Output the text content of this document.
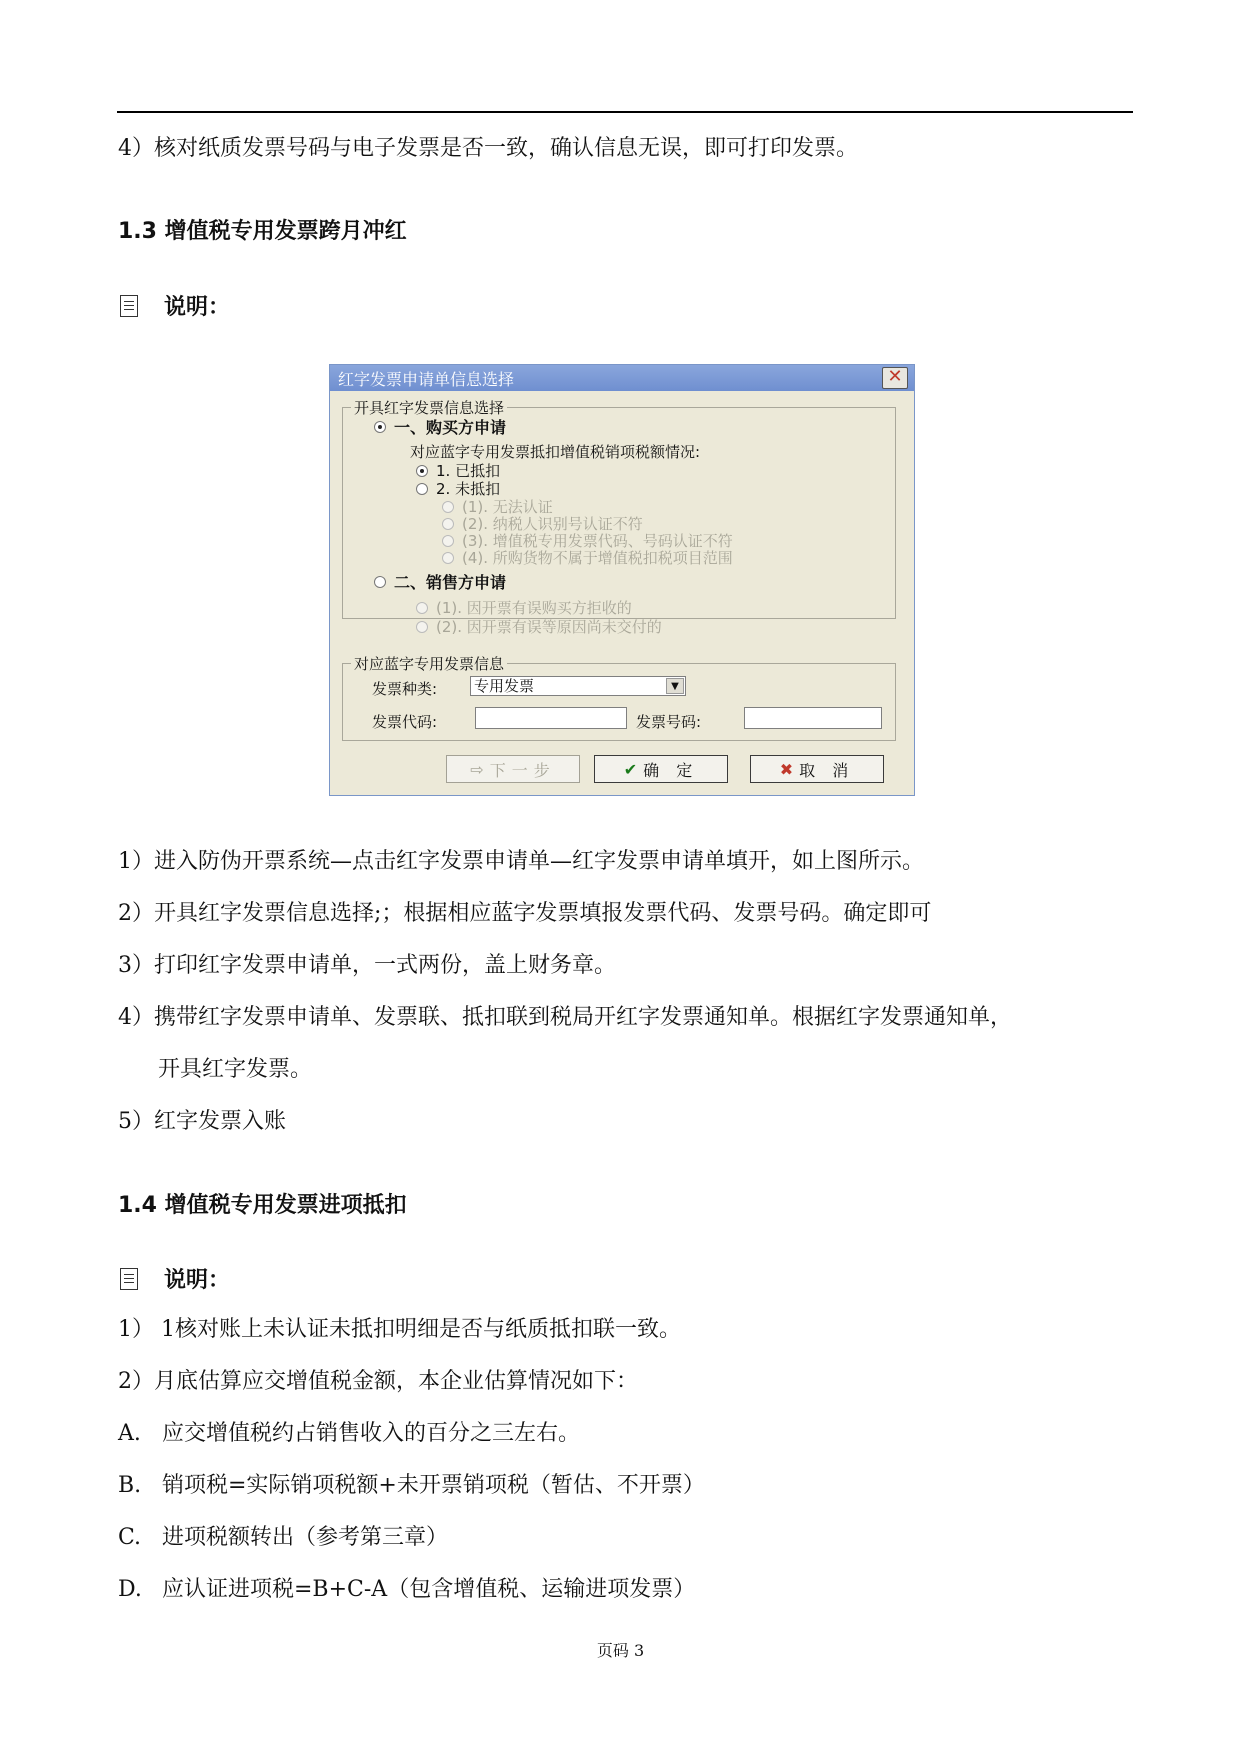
4）核对纸质发票号码与电子发票是否一致，确认信息无误，即可打印发票。
1.3 增值税专用发票跨月冲红
说明：
红字发票申请单信息选择	✕
开具红字发票信息选择
一、购买方申请
对应蓝字专用发票抵扣增值税销项税额情况:
1. 已抵扣
2. 未抵扣
(1). 无法认证
(2). 纳税人识别号认证不符
(3). 增值税专用发票代码、号码认证不符
(4). 所购货物不属于增值税扣税项目范围
二、销售方申请
(1). 因开票有误购买方拒收的
(2). 因开票有误等原因尚未交付的
对应蓝字专用发票信息
发票种类: 专用发票	▼
发票代码:	发票号码:
⇨ 下一步	✔ 确 定	✖ 取 消
1）进入防伪开票系统—点击红字发票申请单—红字发票申请单填开，如上图所示。
2）开具红字发票信息选择;；根据相应蓝字发票填报发票代码、发票号码。确定即可
3）打印红字发票申请单，一式两份，盖上财务章。
4）携带红字发票申请单、发票联、抵扣联到税局开红字发票通知单。根据红字发票通知单，
开具红字发票。
5）红字发票入账
1.4 增值税专用发票进项抵扣
说明：
1） 1核对账上未认证未抵扣明细是否与纸质抵扣联一致。
2）月底估算应交增值税金额，本企业估算情况如下：
A. 应交增值税约占销售收入的百分之三左右。
B. 销项税=实际销项税额+未开票销项税（暂估、不开票）
C. 进项税额转出（参考第三章）
D. 应认证进项税=B+C-A（包含增值税、运输进项发票）
页码 3
